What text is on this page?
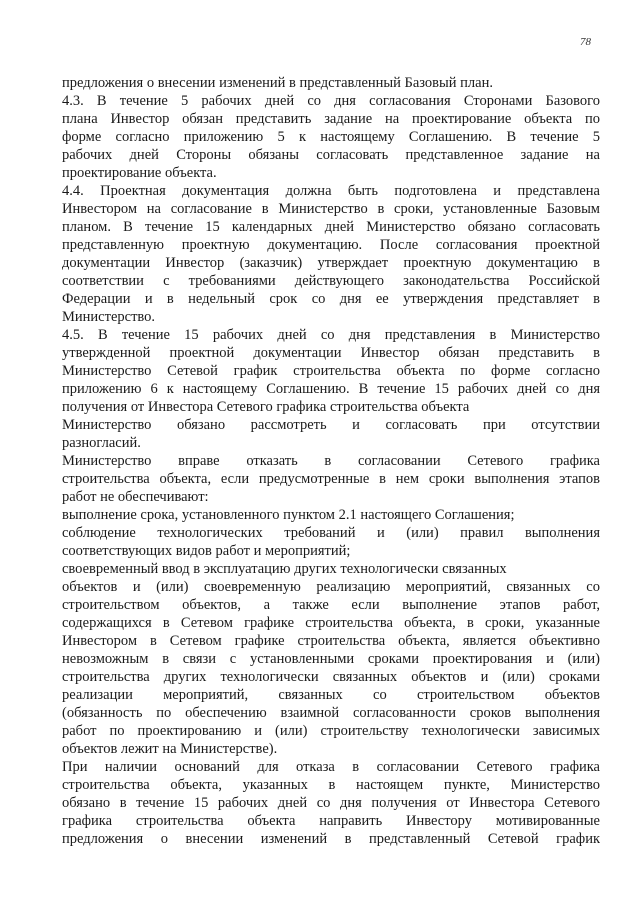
78
предложения о внесении изменений в представленный Базовый план.
4.3. В течение 5 рабочих дней со дня согласования Сторонами Базового
плана Инвестор обязан представить задание на проектирование объекта по
форме согласно приложению 5 к настоящему Соглашению. В течение 5
рабочих дней Стороны обязаны согласовать представленное задание на
проектирование объекта.
4.4. Проектная документация должна быть подготовлена и представлена
Инвестором на согласование в Министерство в сроки, установленные Базовым
планом. В течение 15 календарных дней Министерство обязано согласовать
представленную проектную документацию. После согласования проектной
документации Инвестор (заказчик) утверждает проектную документацию в
соответствии с требованиями действующего законодательства Российской
Федерации и в недельный срок со дня ее утверждения представляет в
Министерство.
4.5. В течение 15 рабочих дней со дня представления в Министерство
утвержденной проектной документации Инвестор обязан представить в
Министерство Сетевой график строительства объекта по форме согласно
приложению 6 к настоящему Соглашению. В течение 15 рабочих дней со дня
получения от Инвестора Сетевого графика строительства объекта
Министерство обязано рассмотреть и согласовать при отсутствии
разногласий.
Министерство вправе отказать в согласовании Сетевого графика
строительства объекта, если предусмотренные в нем сроки выполнения этапов
работ не обеспечивают:
выполнение срока, установленного пунктом 2.1 настоящего Соглашения;
соблюдение технологических требований и (или) правил выполнения
соответствующих видов работ и мероприятий;
своевременный ввод в эксплуатацию других технологически связанных
объектов и (или) своевременную реализацию мероприятий, связанных со
строительством объектов, а также если выполнение этапов работ,
содержащихся в Сетевом графике строительства объекта, в сроки, указанные
Инвестором в Сетевом графике строительства объекта, является объективно
невозможным в связи с установленными сроками проектирования и (или)
строительства других технологически связанных объектов и (или) сроками
реализации мероприятий, связанных со строительством объектов
(обязанность по обеспечению взаимной согласованности сроков выполнения
работ по проектированию и (или) строительству технологически зависимых
объектов лежит на Министерстве).
При наличии оснований для отказа в согласовании Сетевого графика
строительства объекта, указанных в настоящем пункте, Министерство
обязано в течение 15 рабочих дней со дня получения от Инвестора Сетевого
графика строительства объекта направить Инвестору мотивированные
предложения о внесении изменений в представленный Сетевой график
